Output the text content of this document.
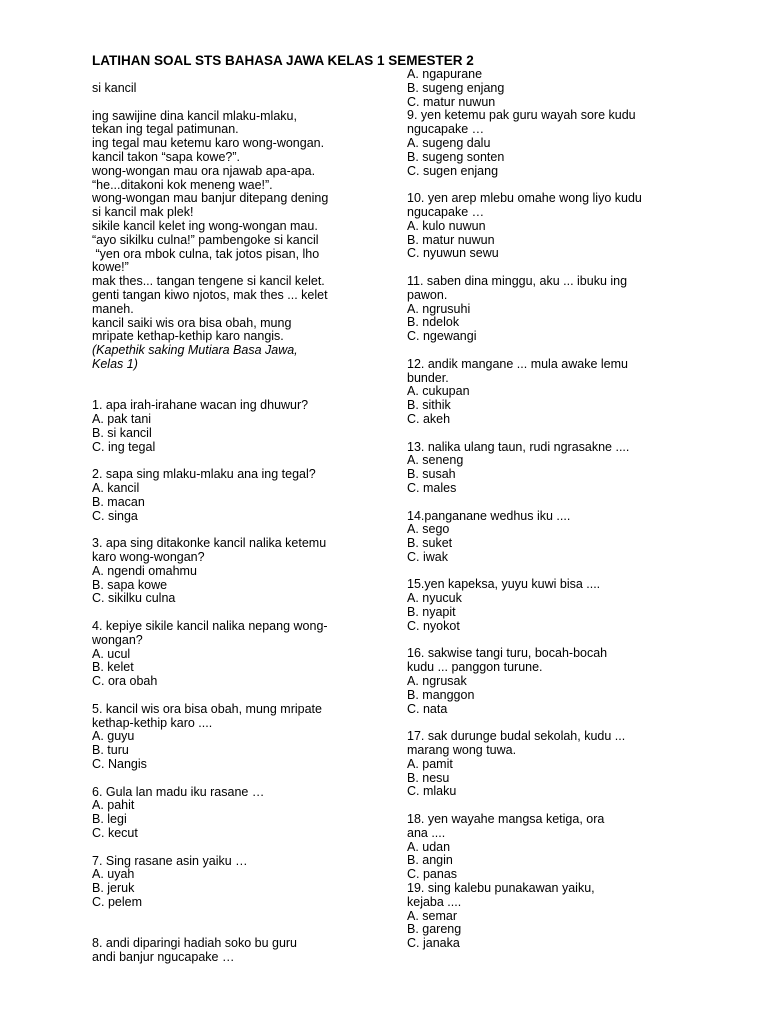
LATIHAN SOAL STS BAHASA JAWA KELAS 1 SEMESTER 2
si kancil
ing sawijine dina kancil mlaku-mlaku,
tekan ing tegal patimunan.
ing tegal mau ketemu karo wong-wongan.
kancil takon “sapa kowe?”.
wong-wongan mau ora njawab apa-apa.
“he...ditakoni kok meneng wae!”.
wong-wongan mau banjur ditepang dening
si kancil mak plek!
sikile kancil kelet ing wong-wongan mau.
“ayo sikilku culna!” pambengoke si kancil
“yen ora mbok culna, tak jotos pisan, lho
kowe!”
mak thes... tangan tengene si kancil kelet.
genti tangan kiwo njotos, mak thes ... kelet
maneh.
kancil saiki wis ora bisa obah, mung
mripate kethap-kethip karo nangis.
(Kapethik saking Mutiara Basa Jawa,
Kelas 1)
1. apa irah-irahane wacan ing dhuwur?
A. pak tani
B. si kancil
C. ing tegal
2. sapa sing mlaku-mlaku ana ing tegal?
A. kancil
B. macan
C. singa
3. apa sing ditakonke kancil nalika ketemu
karo wong-wongan?
A. ngendi omahmu
B. sapa kowe
C. sikilku culna
4. kepiye sikile kancil nalika nepang wong-
wongan?
A. ucul
B. kelet
C. ora obah
5. kancil wis ora bisa obah, mung mripate
kethap-kethip karo ....
A. guyu
B. turu
C. Nangis
6. Gula lan madu iku rasane …
A. pahit
B. legi
C. kecut
7. Sing rasane asin yaiku …
A. uyah
B. jeruk
C. pelem
8. andi diparingi hadiah soko bu guru
andi banjur ngucapake …
A. ngapurane
B. sugeng enjang
C. matur nuwun
9. yen ketemu pak guru wayah sore kudu
ngucapake …
A. sugeng dalu
B. sugeng sonten
C. sugen enjang
10. yen arep mlebu omahe wong liyo kudu
ngucapake …
A. kulo nuwun
B. matur nuwun
C. nyuwun sewu
11. saben dina minggu, aku ... ibuku ing
pawon.
A. ngrusuhi
B. ndelok
C. ngewangi
12. andik mangane ... mula awake lemu
bunder.
A. cukupan
B. sithik
C. akeh
13. nalika ulang taun, rudi ngrasakne ....
A. seneng
B. susah
C. males
14.panganane wedhus iku ....
A. sego
B. suket
C. iwak
15.yen kapeksa, yuyu kuwi bisa ....
A. nyucuk
B. nyapit
C. nyokot
16. sakwise tangi turu, bocah-bocah
kudu ... panggon turune.
A. ngrusak
B. manggon
C. nata
17. sak durunge budal sekolah, kudu ...
marang wong tuwa.
A. pamit
B. nesu
C. mlaku
18. yen wayahe mangsa ketiga, ora
ana ....
A. udan
B. angin
C. panas
19. sing kalebu punakawan yaiku,
kejaba ....
A. semar
B. gareng
C. janaka
